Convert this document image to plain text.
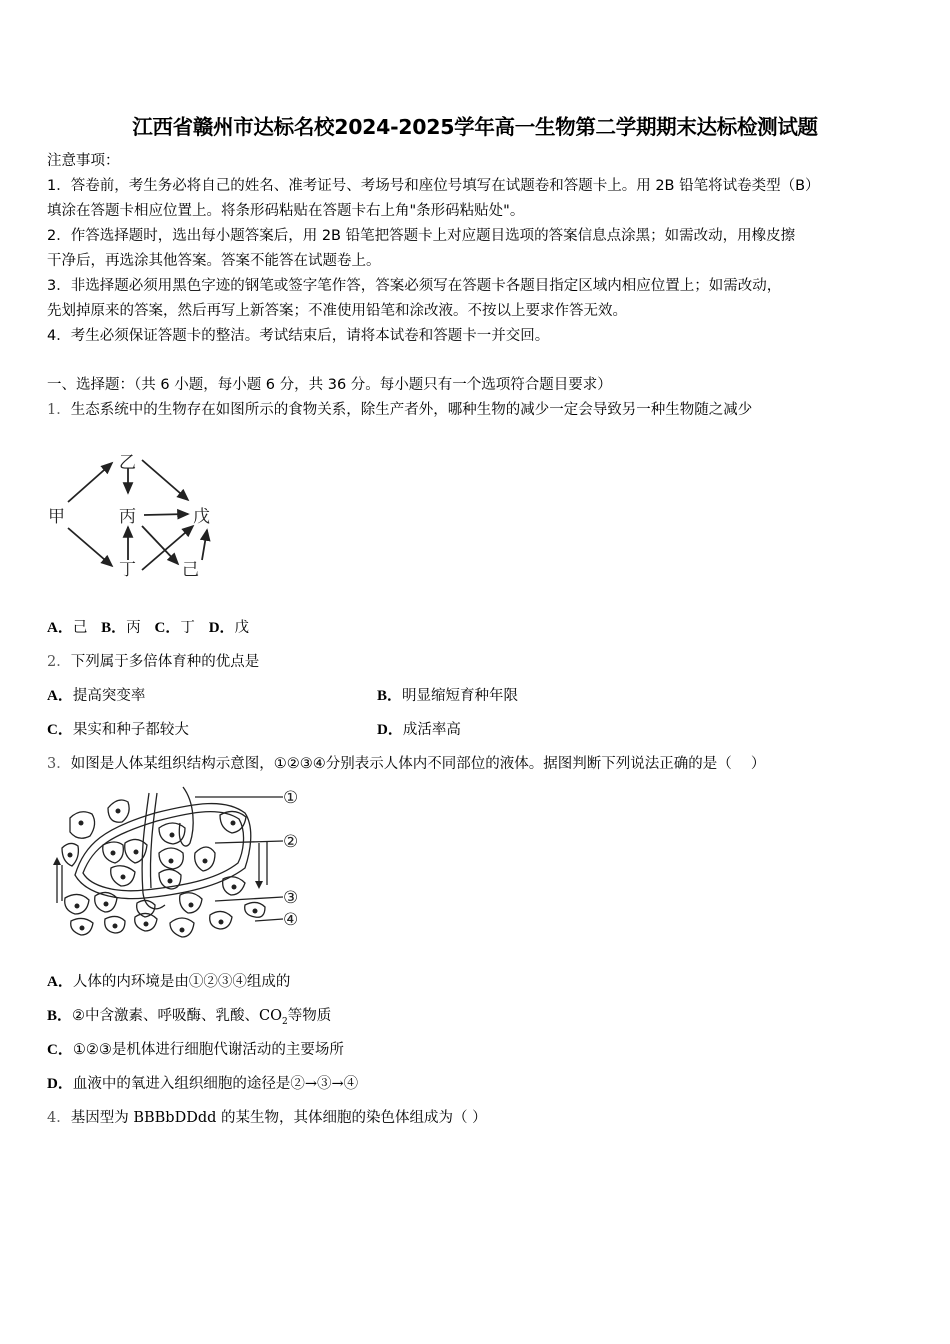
江西省赣州市达标名校2024-2025学年高一生物第二学期期末达标检测试题
注意事项：
1．答卷前，考生务必将自己的姓名、准考证号、考场号和座位号填写在试题卷和答题卡上。用 2B 铅笔将试卷类型（B）
填涂在答题卡相应位置上。将条形码粘贴在答题卡右上角"条形码粘贴处"。
2．作答选择题时，选出每小题答案后，用 2B 铅笔把答题卡上对应题目选项的答案信息点涂黑；如需改动，用橡皮擦
干净后，再选涂其他答案。答案不能答在试题卷上。
3．非选择题必须用黑色字迹的钢笔或签字笔作答，答案必须写在答题卡各题目指定区域内相应位置上；如需改动，
先划掉原来的答案，然后再写上新答案；不准使用铅笔和涂改液。不按以上要求作答无效。
4．考生必须保证答题卡的整洁。考试结束后，请将本试卷和答题卡一并交回。
一、选择题：（共 6 小题，每小题 6 分，共 36 分。每小题只有一个选项符合题目要求）
1．生态系统中的生物存在如图所示的食物关系，除生产者外，哪种生物的减少一定会导致另一种生物随之减少
甲
乙
丙
丁
戊
己
A．己 B．丙 C．丁 D．戊
2．下列属于多倍体育种的优点是
A．提高突变率	B．明显缩短育种年限
C．果实和种子都较大	D．成活率高
3．如图是人体某组织结构示意图，①②③④分别表示人体内不同部位的液体。据图判断下列说法正确的是（　 ）
①
②
③
④
A．人体的内环境是由①②③④组成的
B．②中含激素、呼吸酶、乳酸、$CO_2$等物质
C．①②③是机体进行细胞代谢活动的主要场所
D．血液中的氧进入组织细胞的途径是②→③→④
4．基因型为 BBBbDDdd 的某生物，其体细胞的染色体组成为（ ）
